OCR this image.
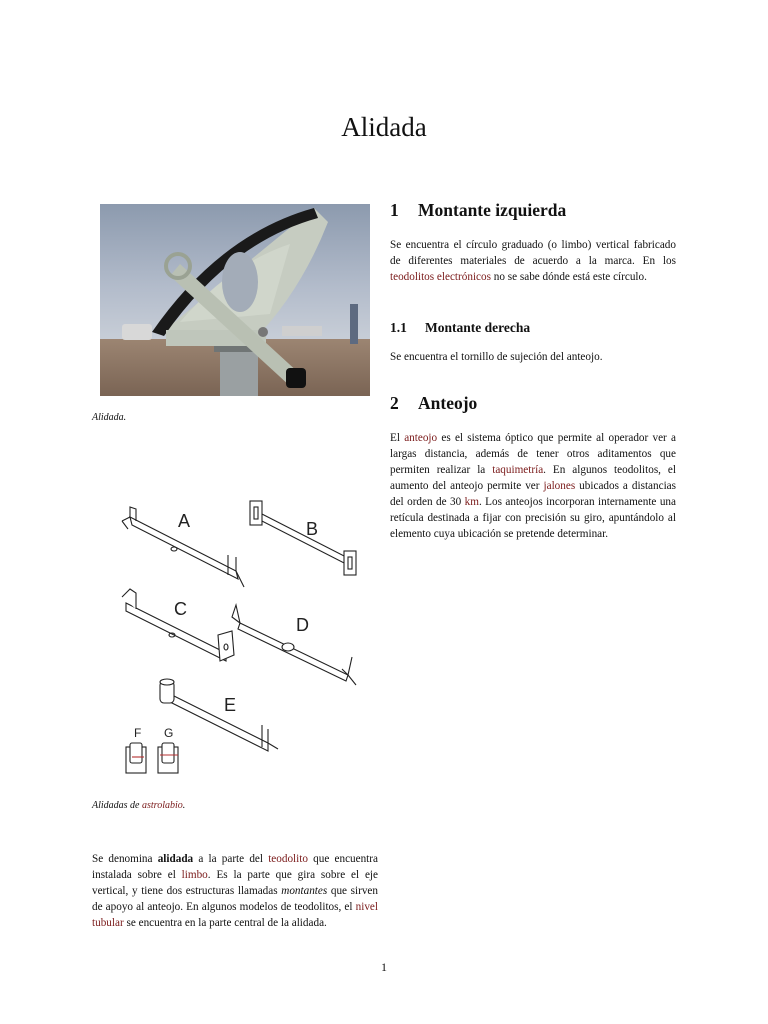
Alidada
Alidada.
A	B
C
D
E
F G
Alidadas de astrolabio.
Se denomina alidada a la parte del teodolito que encuentra instalada sobre el limbo. Es la parte que gira sobre el eje vertical, y tiene dos estructuras llamadas montantes que sirven de apoyo al anteojo. En algunos modelos de teodolitos, el nivel tubular se encuentra en la parte central de la alidada.
1 Montante izquierda
Se encuentra el círculo graduado (o limbo) vertical fabricado de diferentes materiales de acuerdo a la marca. En los teodolitos electrónicos no se sabe dónde está este círculo.
1.1 Montante derecha
Se encuentra el tornillo de sujeción del anteojo.
2 Anteojo
El anteojo es el sistema óptico que permite al operador ver a largas distancia, además de tener otros aditamentos que permiten realizar la taquimetría. En algunos teodolitos, el aumento del anteojo permite ver jalones ubicados a distancias del orden de 30 km. Los anteojos incorporan internamente una retícula destinada a fijar con precisión su giro, apuntándolo al elemento cuya ubicación se pretende determinar.
1
